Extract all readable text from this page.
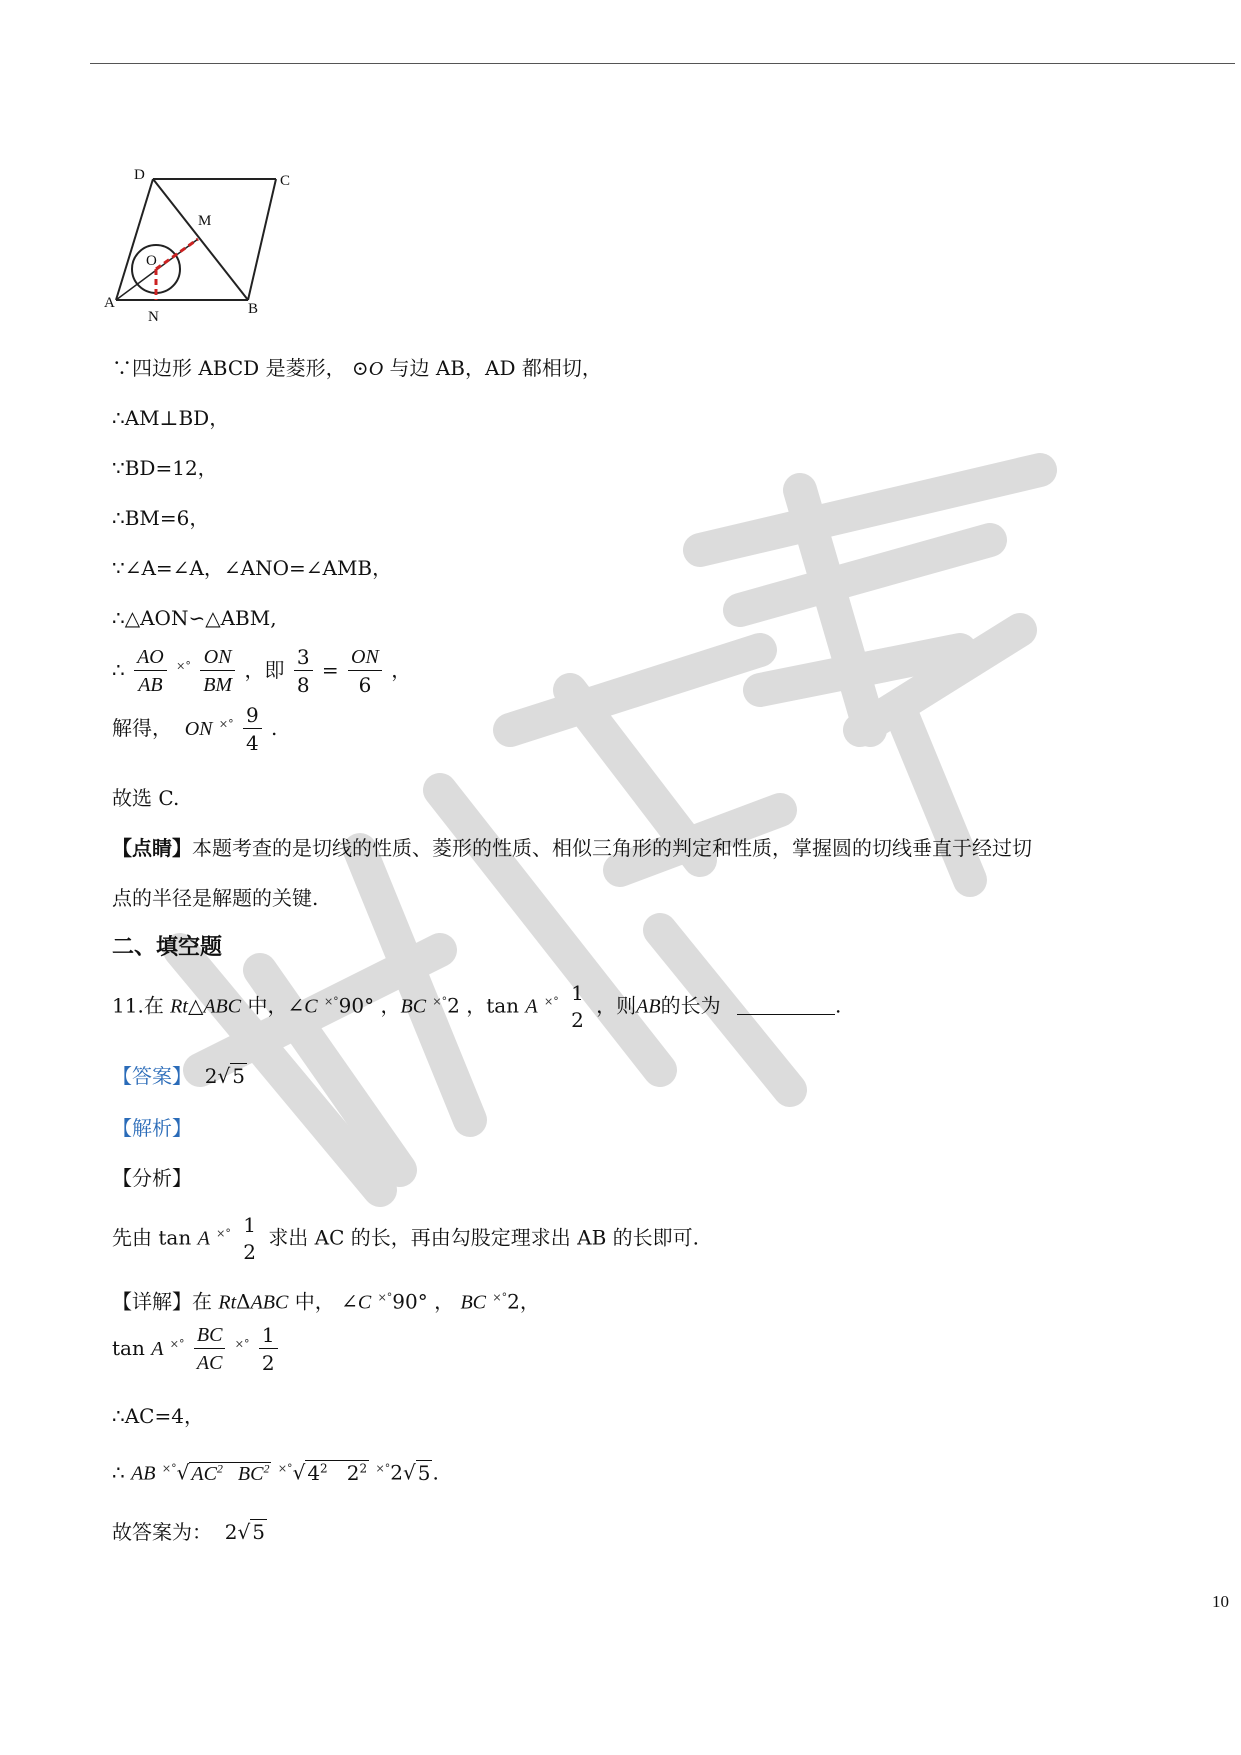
D	C
M
O
A
N	B
∵四边形 ABCD 是菱形， ⊙O 与边 AB，AD 都相切，
∴AM⊥BD，
∵BD=12，
∴BM=6，
∵∠A=∠A，∠ANO=∠AMB，
∴△AON∽△ABM,
∴ $\frac{AO}{AB} ^{\times^\circ} \frac{ON}{BM}$ ，即 $\frac{3}{8} = \frac{ON}{6}$ ，
解得， ON $^{\times^\circ} \frac{9}{4}$ .
故选 C.
【点睛】本题考查的是切线的性质、菱形的性质、相似三角形的判定和性质，掌握圆的切线垂直于经过切
点的半径是解题的关键.
二、填空题
11.在 Rt△ABC 中，∠C ×°90° ，BC ×°2 ，tan A ×° 1
2
，则AB的长为	.
【答案】 2√ 5
【解析】
【分析】
先由 tan A ×° 1
2
求出 AC 的长，再由勾股定理求出 AB 的长即可.
【详解】在 RtΔABC 中， ∠C ×°90° ， BC ×°2，
tan A $^{\times^\circ} \frac{BC}{AC} ^{\times^\circ} \frac{1}{2}$
∴AC=4，
∴ AB ×°√ $AC^2$ $BC^2$ ×°√ $4^2$ $2^2$ ×°2√ 5 .
故答案为： 2√ 5
10
